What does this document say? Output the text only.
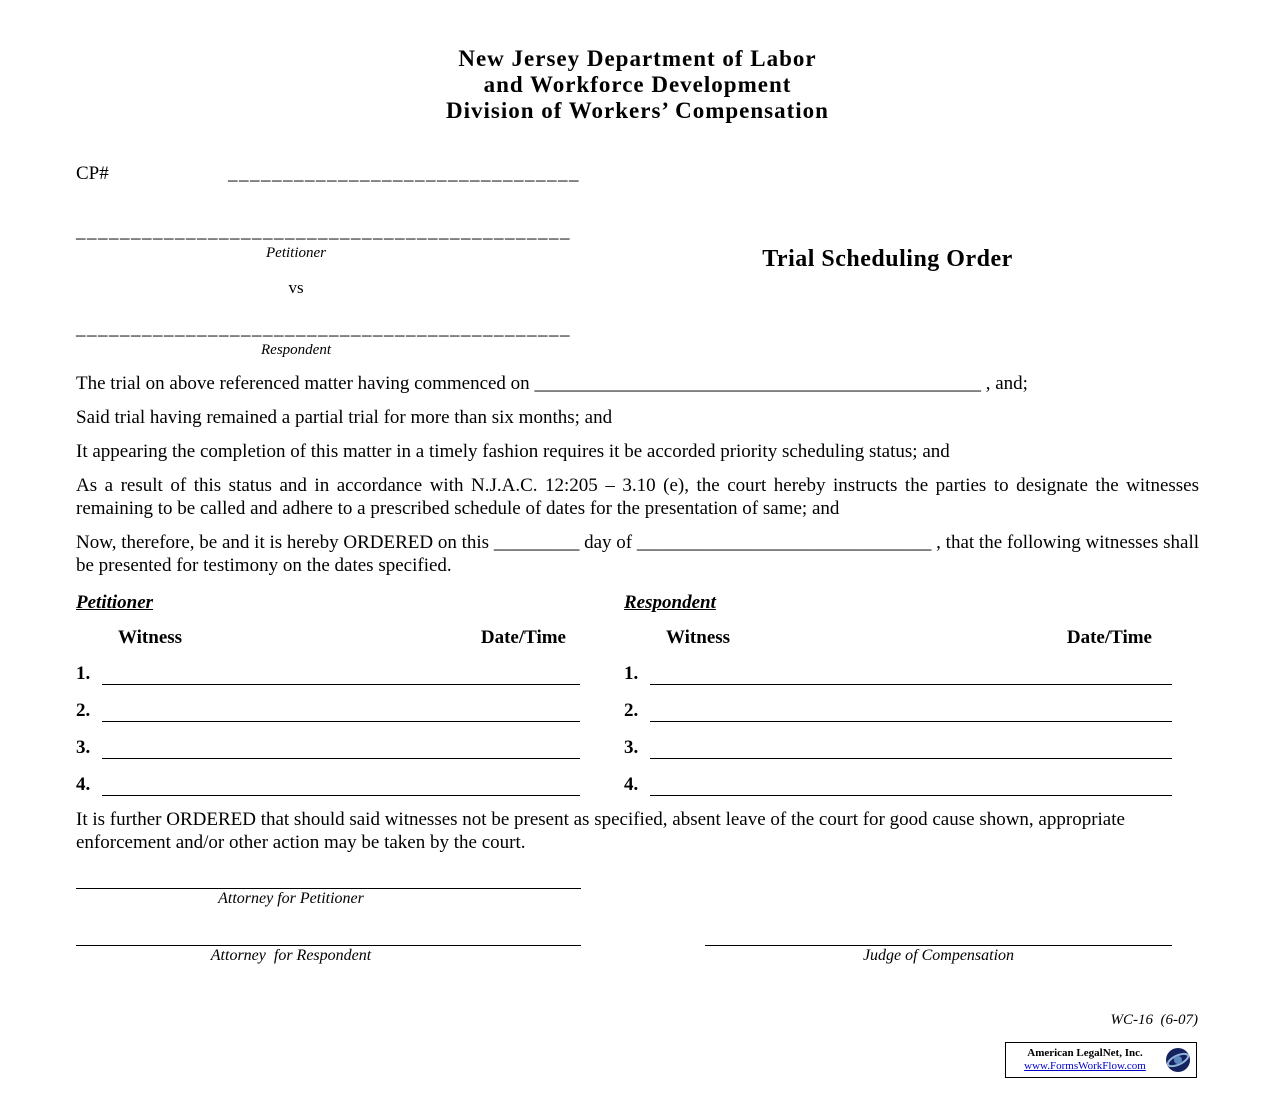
New Jersey Department of Labor
and Workforce Development
Division of Workers’ Compensation
CP#	________________________________
_____________________________________________
Petitioner
vs
_____________________________________________
Respondent
Trial Scheduling Order

The trial on above referenced matter having commenced on _______________________________________________ , and;

Said trial having remained a partial trial for more than six months; and

It appearing the completion of this matter in a timely fashion requires it be accorded priority scheduling status; and

As a result of this status and in accordance with N.J.A.C. 12:205 – 3.10 (e), the court hereby instructs the parties to designate the witnesses remaining to be called and adhere to a prescribed schedule of dates for the presentation of same; and

Now, therefore, be and it is hereby ORDERED on this _________ day of _______________________________ , that the following witnesses shall be presented for testimony on the dates specified.

Petitioner
Witness	Date/Time
1.
2.
3.
4.
Respondent
Witness	Date/Time
1.
2.
3.
4.

It is further ORDERED that should said witnesses not be present as specified, absent leave of the court for good cause shown, appropriate enforcement and/or other action may be taken by the court.

Attorney for Petitioner
Attorney  for Respondent	Judge of Compensation
WC-16  (6-07)
American LegalNet, Inc.
www.FormsWorkFlow.com
